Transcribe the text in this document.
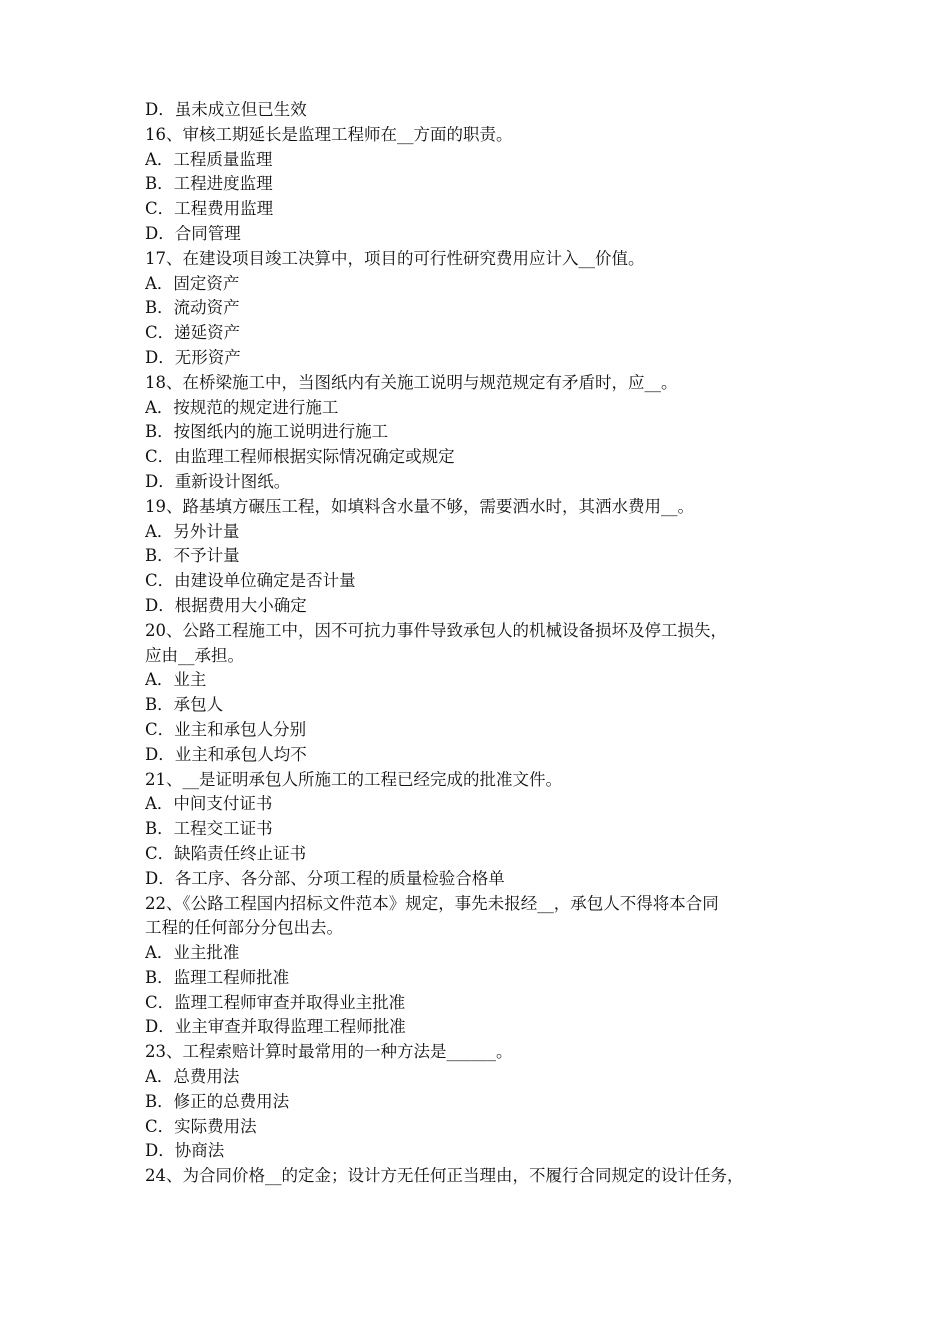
D．虽未成立但已生效
16、审核工期延长是监理工程师在__方面的职责。
A．工程质量监理
B．工程进度监理
C．工程费用监理
D．合同管理
17、在建设项目竣工决算中，项目的可行性研究费用应计入__价值。
A．固定资产
B．流动资产
C．递延资产
D．无形资产
18、在桥梁施工中，当图纸内有关施工说明与规范规定有矛盾时，应__。
A．按规范的规定进行施工
B．按图纸内的施工说明进行施工
C．由监理工程师根据实际情况确定或规定
D．重新设计图纸。
19、路基填方碾压工程，如填料含水量不够，需要洒水时，其洒水费用__。
A．另外计量
B．不予计量
C．由建设单位确定是否计量
D．根据费用大小确定
20、公路工程施工中，因不可抗力事件导致承包人的机械设备损坏及停工损失，
应由__承担。
A．业主
B．承包人
C．业主和承包人分别
D．业主和承包人均不
21、__是证明承包人所施工的工程已经完成的批准文件。
A．中间支付证书
B．工程交工证书
C．缺陷责任终止证书
D．各工序、各分部、分项工程的质量检验合格单
22、《公路工程国内招标文件范本》规定，事先未报经__，承包人不得将本合同
工程的任何部分分包出去。
A．业主批准
B．监理工程师批准
C．监理工程师审查并取得业主批准
D．业主审查并取得监理工程师批准
23、工程索赔计算时最常用的一种方法是______。
A．总费用法
B．修正的总费用法
C．实际费用法
D．协商法
24、为合同价格__的定金；设计方无任何正当理由，不履行合同规定的设计任务，
